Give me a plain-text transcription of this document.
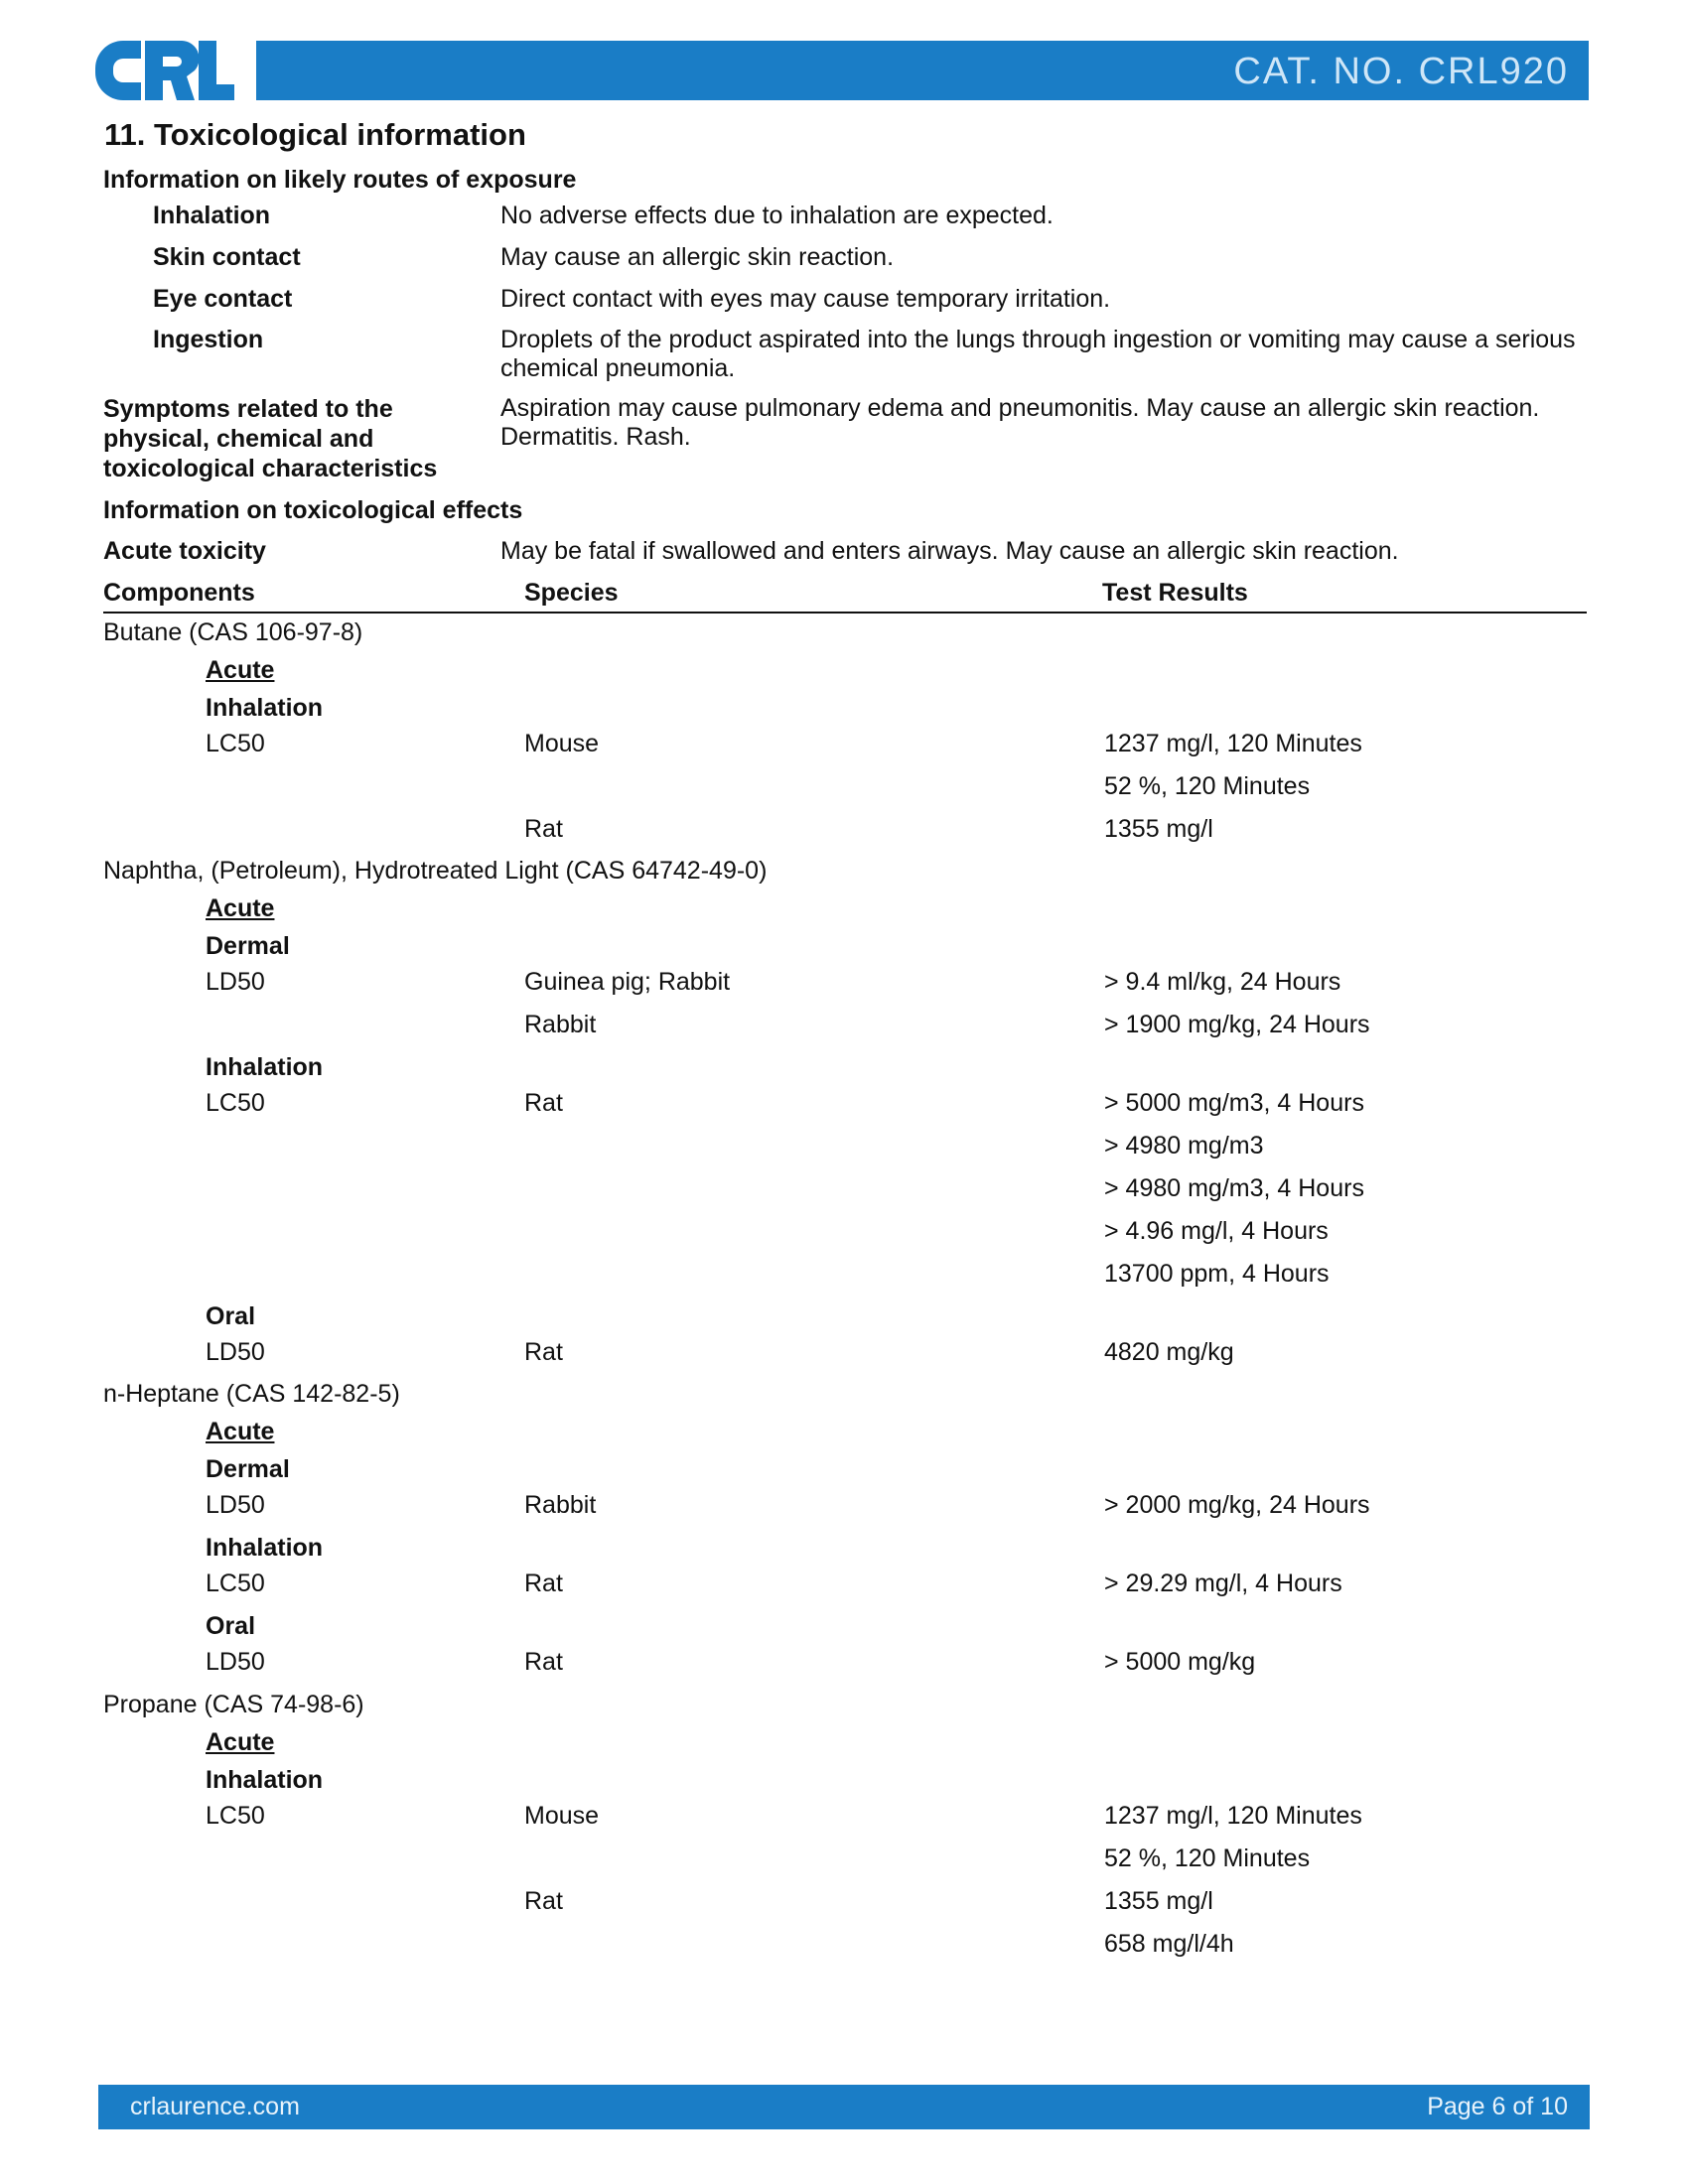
CAT. NO. CRL920
11. Toxicological information
Information on likely routes of exposure
Inhalation	No adverse effects due to inhalation are expected.
Skin contact	May cause an allergic skin reaction.
Eye contact	Direct contact with eyes may cause temporary irritation.
Ingestion	Droplets of the product aspirated into the lungs through ingestion or vomiting may cause a serious chemical pneumonia.
Symptoms related to the physical, chemical and toxicological characteristics
Aspiration may cause pulmonary edema and pneumonitis. May cause an allergic skin reaction. Dermatitis. Rash.
Information on toxicological effects
Acute toxicity	May be fatal if swallowed and enters airways. May cause an allergic skin reaction.
Components	Species	Test Results
Butane (CAS 106-97-8)
Acute
Inhalation
LC50	Mouse	1237 mg/l, 120 Minutes
52 %, 120 Minutes
Rat	1355 mg/l
Naphtha, (Petroleum), Hydrotreated Light (CAS 64742-49-0)
Acute
Dermal
LD50	Guinea pig; Rabbit	> 9.4 ml/kg, 24 Hours
Rabbit	> 1900 mg/kg, 24 Hours
Inhalation
LC50	Rat	> 5000 mg/m3, 4 Hours
> 4980 mg/m3
> 4980 mg/m3, 4 Hours
> 4.96 mg/l, 4 Hours
13700 ppm, 4 Hours
Oral
LD50	Rat	4820 mg/kg
n-Heptane (CAS 142-82-5)
Acute
Dermal
LD50	Rabbit	> 2000 mg/kg, 24 Hours
Inhalation
LC50	Rat	> 29.29 mg/l, 4 Hours
Oral
LD50	Rat	> 5000 mg/kg
Propane (CAS 74-98-6)
Acute
Inhalation
LC50	Mouse	1237 mg/l, 120 Minutes
52 %, 120 Minutes
Rat	1355 mg/l
658 mg/l/4h
crlaurence.com	Page 6 of 10
